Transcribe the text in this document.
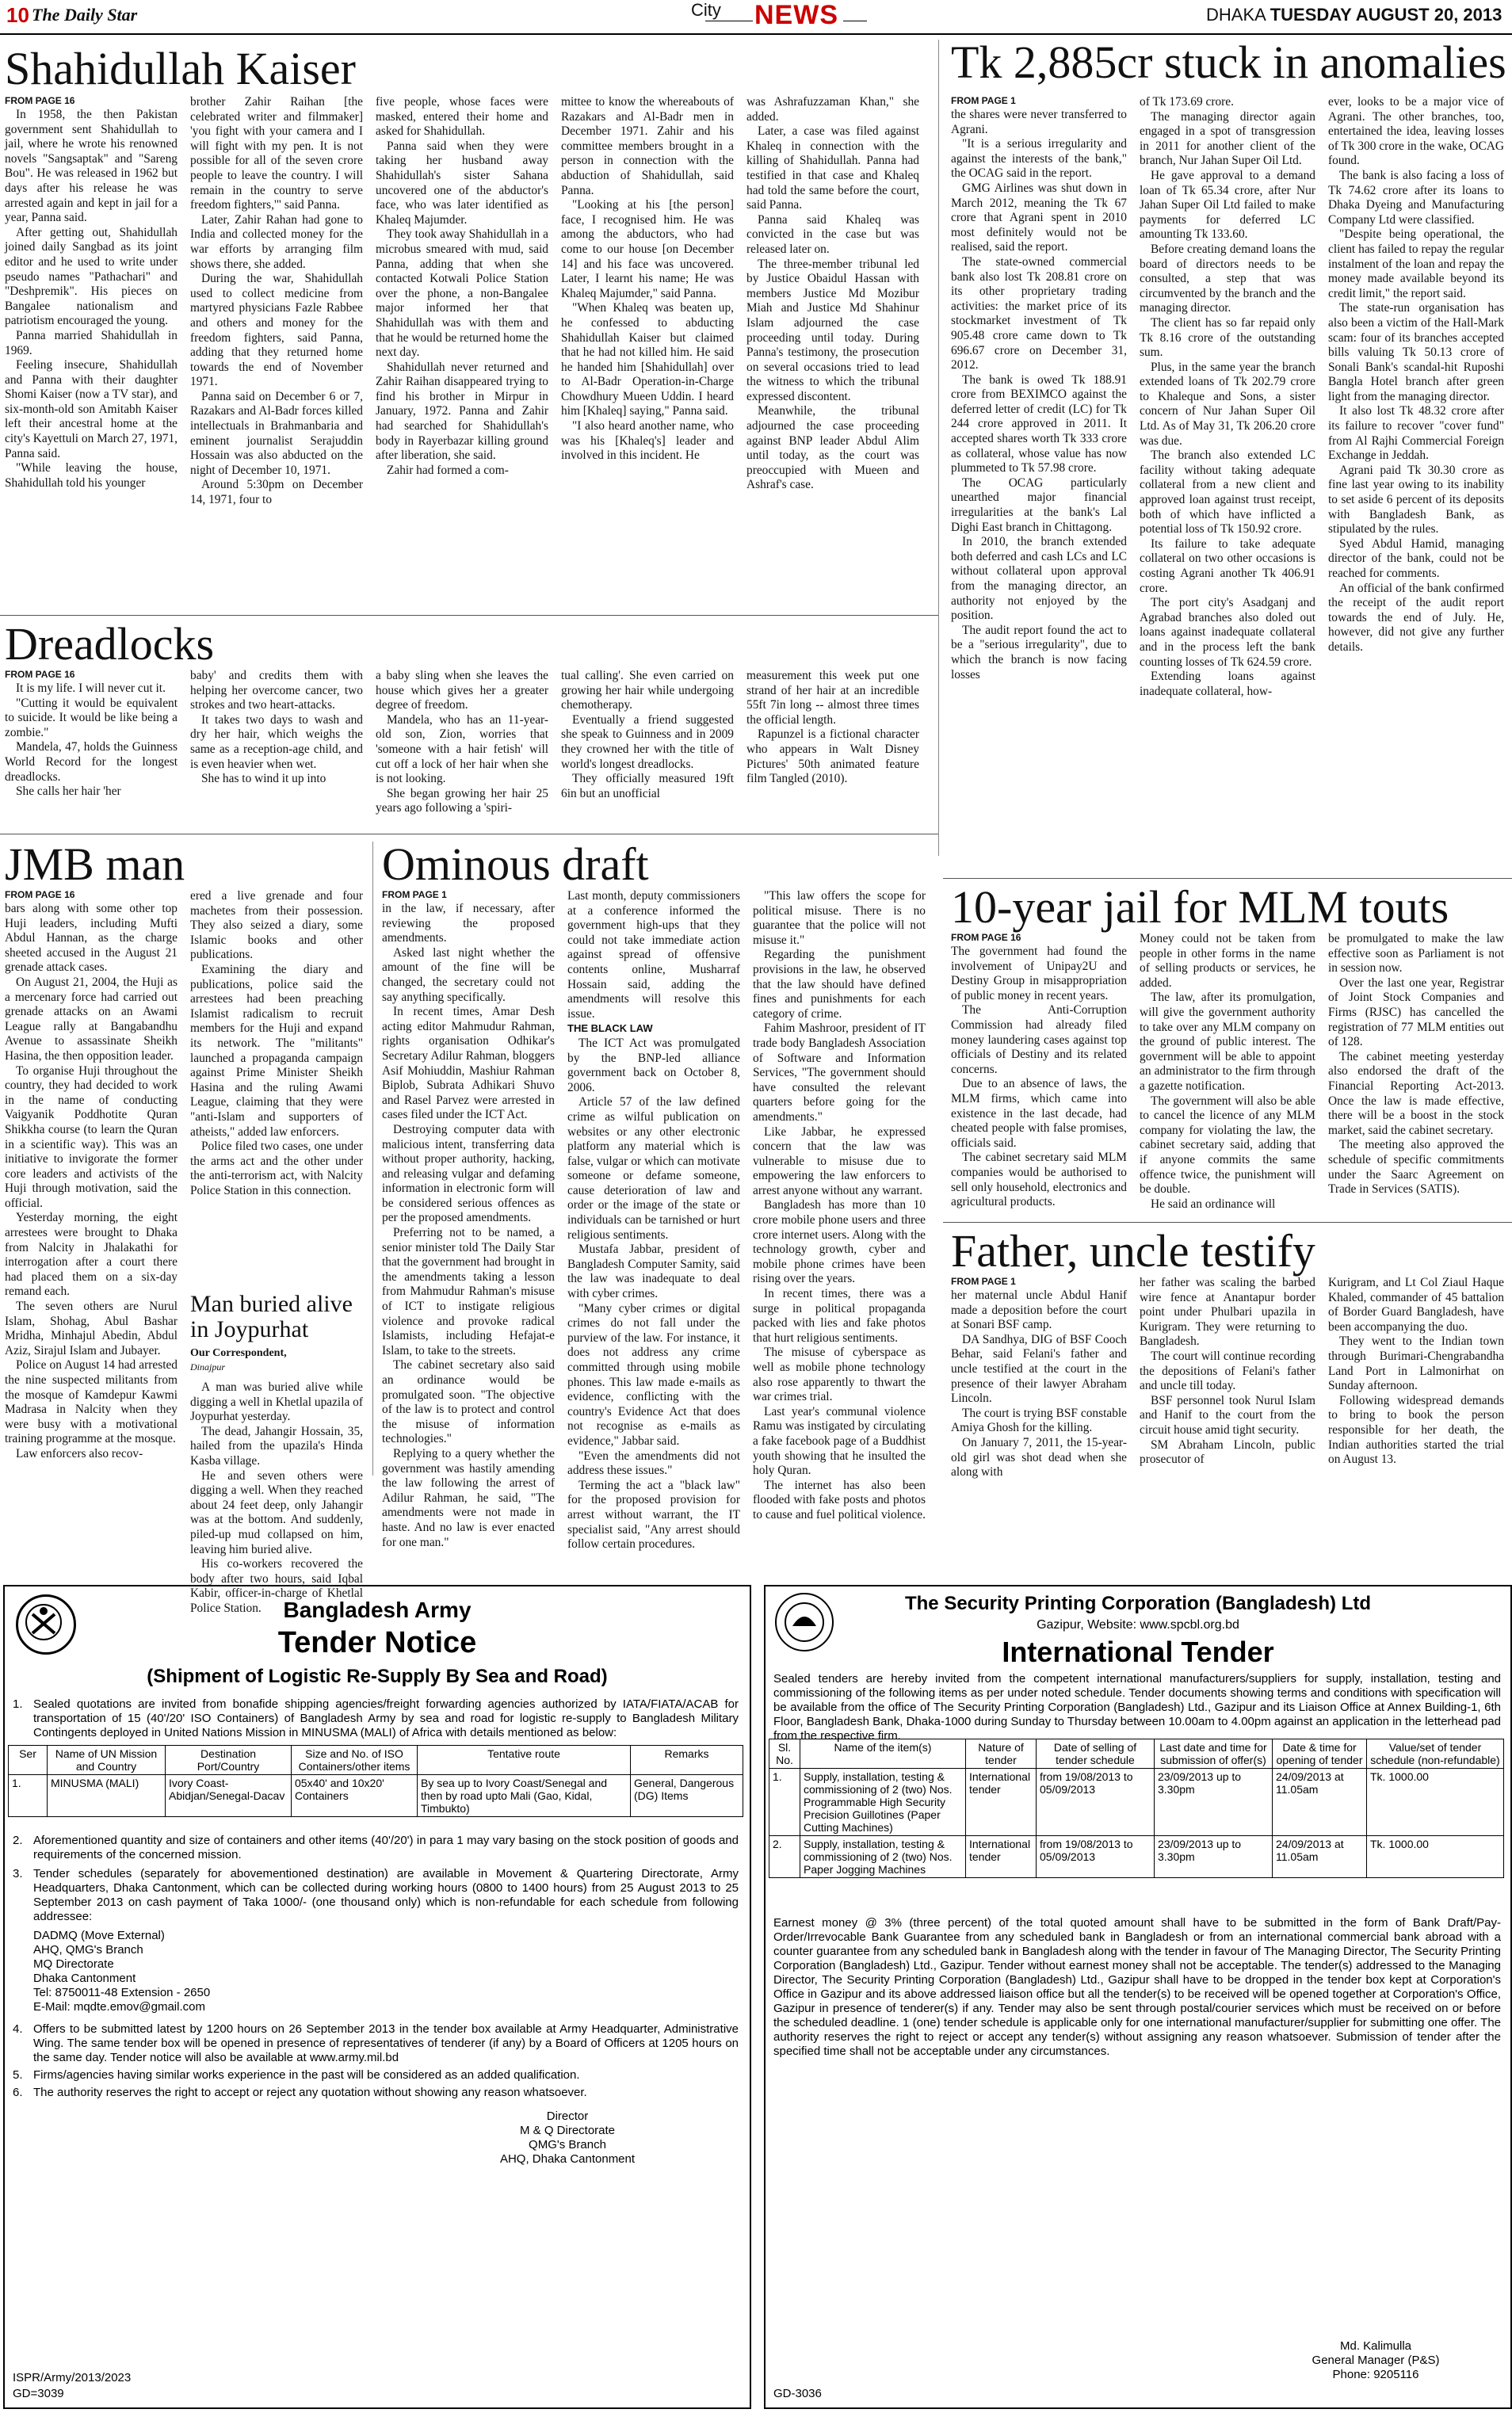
10 The Daily Star	City NEWS	DHAKA TUESDAY AUGUST 20, 2013
Shahidullah Kaiser
FROM PAGE 16

In 1958, the then Pakistan government sent Shahidullah to jail, where he wrote his renowned novels "Sangsaptak" and "Sareng Bou". He was released in 1962 but days after his release he was arrested again and kept in jail for a year, Panna said.

After getting out, Shahidullah joined daily Sangbad as its joint editor and he used to write under pseudo names "Pathachari" and "Deshpremik". His pieces on Bangalee nationalism and patriotism encouraged the young.

Panna married Shahidullah in 1969.

Feeling insecure, Shahidullah and Panna with their daughter Shomi Kaiser (now a TV star), and six-month-old son Amitabh Kaiser left their ancestral home at the city's Kayettuli on March 27, 1971, Panna said.

"While leaving the house, Shahidullah told his younger

brother Zahir Raihan [the celebrated writer and filmmaker] 'you fight with your camera and I will fight with my pen. It is not possible for all of the seven crore people to leave the country. I will remain in the country to serve freedom fighters,'" said Panna.

Later, Zahir Rahan had gone to India and collected money for the war efforts by arranging film shows there, she added.

During the war, Shahidullah used to collect medicine from martyred physicians Fazle Rabbee and others and money for the freedom fighters, said Panna, adding that they returned home towards the end of November 1971.

Panna said on December 6 or 7, Razakars and Al-Badr forces killed intellectuals in Brahmanbaria and eminent journalist Serajuddin Hossain was also abducted on the night of December 10, 1971.

Around 5:30pm on December 14, 1971, four to

five people, whose faces were masked, entered their home and asked for Shahidullah.

Panna said when they were taking her husband away Shahidullah's sister Sahana uncovered one of the abductor's face, who was later identified as Khaleq Majumder.

They took away Shahidullah in a microbus smeared with mud, said Panna, adding that when she contacted Kotwali Police Station over the phone, a non-Bangalee major informed her that Shahidullah was with them and that he would be returned home the next day.

Shahidullah never returned and Zahir Raihan disappeared trying to find his brother in Mirpur in January, 1972. Panna and Zahir had searched for Shahidullah's body in Rayerbazar killing ground after liberation, she said.

Zahir had formed a com-

mittee to know the whereabouts of Razakars and Al-Badr men in December 1971. Zahir and his committee members brought in a person in connection with the abduction of Shahidullah, said Panna.

"Looking at his [the person] face, I recognised him. He was among the abductors, who had come to our house [on December 14] and his face was uncovered. Later, I learnt his name; He was Khaleq Majumder," said Panna.

"When Khaleq was beaten up, he confessed to abducting Shahidullah Kaiser but claimed that he had not killed him. He said he handed him [Shahidullah] over to Al-Badr Operation-in-Charge Chowdhury Mueen Uddin. I heard him [Khaleq] saying," Panna said.

"I also heard another name, who was his [Khaleq's] leader and involved in this incident. He

was Ashrafuzzaman Khan," she added.

Later, a case was filed against Khaleq in connection with the killing of Shahidullah. Panna had testified in that case and Khaleq had told the same before the court, said Panna.

Panna said Khaleq was convicted in the case but was released later on.

The three-member tribunal led by Justice Obaidul Hassan with members Justice Md Mozibur Miah and Justice Md Shahinur Islam adjourned the case proceeding until today. During Panna's testimony, the prosecution on several occasions tried to lead the witness to which the tribunal expressed discontent.

Meanwhile, the tribunal adjourned the case proceeding against BNP leader Abdul Alim until today, as the court was preoccupied with Mueen and Ashraf's case.

Tk 2,885cr stuck in anomalies
FROM PAGE 1

the shares were never transferred to Agrani.

"It is a serious irregularity and against the interests of the bank," the OCAG said in the report.

GMG Airlines was shut down in March 2012, meaning the Tk 67 crore that Agrani spent in 2010 most definitely would not be realised, said the report.

The state-owned commercial bank also lost Tk 208.81 crore on its other proprietary trading activities: the market price of its stockmarket investment of Tk 905.48 crore came down to Tk 696.67 crore on December 31, 2012.

The bank is owed Tk 188.91 crore from BEXIMCO against the deferred letter of credit (LC) for Tk 244 crore approved in 2011. It accepted shares worth Tk 333 crore as collateral, whose value has now plummeted to Tk 57.98 crore.

The OCAG particularly unearthed major financial irregularities at the bank's Lal Dighi East branch in Chittagong.

In 2010, the branch extended both deferred and cash LCs and LC without collateral upon approval from the managing director, an authority not enjoyed by the position.

The audit report found the act to be a "serious irregularity", due to which the branch is now facing losses

of Tk 173.69 crore.

The managing director again engaged in a spot of transgression in 2011 for another client of the branch, Nur Jahan Super Oil Ltd.

He gave approval to a demand loan of Tk 65.34 crore, after Nur Jahan Super Oil Ltd failed to make payments for deferred LC amounting Tk 133.60.

Before creating demand loans the board of directors needs to be consulted, a step that was circumvented by the branch and the managing director.

The client has so far repaid only Tk 8.16 crore of the outstanding sum.

Plus, in the same year the branch extended loans of Tk 202.79 crore to Khaleque and Sons, a sister concern of Nur Jahan Super Oil Ltd. As of May 31, Tk 206.20 crore was due.

The branch also extended LC facility without taking adequate collateral from a new client and approved loan against trust receipt, both of which have inflicted a potential loss of Tk 150.92 crore.

Its failure to take adequate collateral on two other occasions is costing Agrani another Tk 406.91 crore.

The port city's Asadganj and Agrabad branches also doled out loans against inadequate collateral and in the process left the bank counting losses of Tk 624.59 crore.

Extending loans against inadequate collateral, how-

ever, looks to be a major vice of Agrani. The other branches, too, entertained the idea, leaving losses of Tk 300 crore in the wake, OCAG found.

The bank is also facing a loss of Tk 74.62 crore after its loans to Dhaka Dyeing and Manufacturing Company Ltd were classified.

"Despite being operational, the client has failed to repay the regular instalment of the loan and repay the money made available beyond its credit limit," the report said.

The state-run organisation has also been a victim of the Hall-Mark scam: four of its branches accepted bills valuing Tk 50.13 crore of Sonali Bank's scandal-hit Ruposhi Bangla Hotel branch after green light from the managing director.

It also lost Tk 48.32 crore after its failure to recover "cover fund" from Al Rajhi Commercial Foreign Exchange in Jeddah.

Agrani paid Tk 30.30 crore as fine last year owing to its inability to set aside 6 percent of its deposits with Bangladesh Bank, as stipulated by the rules.

Syed Abdul Hamid, managing director of the bank, could not be reached for comments.

An official of the bank confirmed the receipt of the audit report towards the end of July. He, however, did not give any further details.

Dreadlocks
FROM PAGE 16

It is my life. I will never cut it.

"Cutting it would be equivalent to suicide. It would be like being a zombie."

Mandela, 47, holds the Guinness World Record for the longest dreadlocks.

She calls her hair 'her

baby' and credits them with helping her overcome cancer, two strokes and two heart-attacks.

It takes two days to wash and dry her hair, which weighs the same as a reception-age child, and is even heavier when wet.

She has to wind it up into

a baby sling when she leaves the house which gives her a greater degree of freedom.

Mandela, who has an 11-year-old son, Zion, worries that 'someone with a hair fetish' will cut off a lock of her hair when she is not looking.

She began growing her hair 25 years ago following a 'spiri-

tual calling'. She even carried on growing her hair while undergoing chemotherapy.

Eventually a friend suggested she speak to Guinness and in 2009 they crowned her with the title of world's longest dreadlocks.

They officially measured 19ft 6in but an unofficial

measurement this week put one strand of her hair at an incredible 55ft 7in long -- almost three times the official length.

Rapunzel is a fictional character who appears in Walt Disney Pictures' 50th animated feature film Tangled (2010).

JMB man
FROM PAGE 16

bars along with some other top Huji leaders, including Mufti Abdul Hannan, as the charge sheeted accused in the August 21 grenade attack cases.

On August 21, 2004, the Huji as a mercenary force had carried out grenade attacks on an Awami League rally at Bangabandhu Avenue to assassinate Sheikh Hasina, the then opposition leader.

To organise Huji throughout the country, they had decided to work in the name of conducting Vaigyanik Poddhotite Quran Shikkha course (to learn the Quran in a scientific way). This was an initiative to invigorate the former core leaders and activists of the Huji through motivation, said the official.

Yesterday morning, the eight arrestees were brought to Dhaka from Nalcity in Jhalakathi for interrogation after a court there had placed them on a six-day remand each.

The seven others are Nurul Islam, Shohag, Abul Bashar Mridha, Minhajul Abedin, Abdul Aziz, Sirajul Islam and Jubayer.

Police on August 14 had arrested the nine suspected militants from the mosque of Kamdepur Kawmi Madrasa in Nalcity when they were busy with a motivational training programme at the mosque.

Law enforcers also recov-

ered a live grenade and four machetes from their possession. They also seized a diary, some Islamic books and other publications.

Examining the diary and publications, police said the arrestees had been preaching Islamist radicalism to recruit members for the Huji and expand its network. The "militants" launched a propaganda campaign against Prime Minister Sheikh Hasina and the ruling Awami League, claiming that they were "anti-Islam and supporters of atheists," added law enforcers.

Police filed two cases, one under the arms act and the other under the anti-terrorism act, with Nalcity Police Station in this connection.

Man buried alive in Joypurhat
Our Correspondent,
Dinajpur

A man was buried alive while digging a well in Khetlal upazila of Joypurhat yesterday.

The dead, Jahangir Hossain, 35, hailed from the upazila's Hinda Kasba village.

He and seven others were digging a well. When they reached about 24 feet deep, only Jahangir was at the bottom. And suddenly, piled-up mud collapsed on him, leaving him buried alive.

His co-workers recovered the body after two hours, said Iqbal Kabir, officer-in-charge of Khetlal Police Station.

Ominous draft
FROM PAGE 1

in the law, if necessary, after reviewing the proposed amendments.

Asked last night whether the amount of the fine will be changed, the secretary could not say anything specifically.

In recent times, Amar Desh acting editor Mahmudur Rahman, rights organisation Odhikar's Secretary Adilur Rahman, bloggers Asif Mohiuddin, Mashiur Rahman Biplob, Subrata Adhikari Shuvo and Rasel Parvez were arrested in cases filed under the ICT Act.

Destroying computer data with malicious intent, transferring data without proper authority, hacking, and releasing vulgar and defaming information in electronic form will be considered serious offences as per the proposed amendments.

Preferring not to be named, a senior minister told The Daily Star that the government had brought in the amendments taking a lesson from Mahmudur Rahman's misuse of ICT to instigate religious violence and provoke radical Islamists, including Hefajat-e Islam, to take to the streets.

The cabinet secretary also said an ordinance would be promulgated soon. "The objective of the law is to protect and control the misuse of information technologies."

Replying to a query whether the government was hastily amending the law following the arrest of Adilur Rahman, he said, "The amendments were not made in haste. And no law is ever enacted for one man."

Last month, deputy commissioners at a conference informed the government high-ups that they could not take immediate action against spread of offensive contents online, Musharraf Hossain said, adding the amendments will resolve this issue.

THE BLACK LAW

The ICT Act was promulgated by the BNP-led alliance government back on October 8, 2006.

Article 57 of the law defined crime as wilful publication on websites or any other electronic platform any material which is false, vulgar or which can motivate someone or defame someone, cause deterioration of law and order or the image of the state or individuals can be tarnished or hurt religious sentiments.

Mustafa Jabbar, president of Bangladesh Computer Samity, said the law was inadequate to deal with cyber crimes.

"Many cyber crimes or digital crimes do not fall under the purview of the law. For instance, it does not address any crime committed through using mobile phones. This law made e-mails as evidence, conflicting with the country's Evidence Act that does not recognise as e-mails as evidence," Jabbar said.

"Even the amendments did not address these issues."

Terming the act a "black law" for the proposed provision for arrest without warrant, the IT specialist said, "Any arrest should follow certain procedures.

"This law offers the scope for political misuse. There is no guarantee that the police will not misuse it."

Regarding the punishment provisions in the law, he observed that the law should have defined fines and punishments for each category of crime.

Fahim Mashroor, president of IT trade body Bangladesh Association of Software and Information Services, "The government should have consulted the relevant quarters before going for the amendments."

Like Jabbar, he expressed concern that the law was vulnerable to misuse due to empowering the law enforcers to arrest anyone without any warrant.

Bangladesh has more than 10 crore mobile phone users and three crore internet users. Along with the technology growth, cyber and mobile phone crimes have been rising over the years.

In recent times, there was a surge in political propaganda packed with lies and fake photos that hurt religious sentiments.

The misuse of cyberspace as well as mobile phone technology also rose apparently to thwart the war crimes trial.

Last year's communal violence Ramu was instigated by circulating a fake facebook page of a Buddhist youth showing that he insulted the holy Quran.

The internet has also been flooded with fake posts and photos to cause and fuel political violence.

10-year jail for MLM touts
FROM PAGE 16

The government had found the involvement of Unipay2U and Destiny Group in misappropriation of public money in recent years.

The Anti-Corruption Commission had already filed money laundering cases against top officials of Destiny and its related concerns.

Due to an absence of laws, the MLM firms, which came into existence in the last decade, had cheated people with false promises, officials said.

The cabinet secretary said MLM companies would be authorised to sell only household, electronics and agricultural products.

Money could not be taken from people in other forms in the name of selling products or services, he added.

The law, after its promulgation, will give the government authority to take over any MLM company on the ground of public interest. The government will be able to appoint an administrator to the firm through a gazette notification.

The government will also be able to cancel the licence of any MLM company for violating the law, the cabinet secretary said, adding that if anyone commits the same offence twice, the punishment will be double.

He said an ordinance will

be promulgated to make the law effective soon as Parliament is not in session now.

Over the last one year, Registrar of Joint Stock Companies and Firms (RJSC) has cancelled the registration of 77 MLM entities out of 128.

The cabinet meeting yesterday also endorsed the draft of the Financial Reporting Act-2013. Once the law is made effective, there will be a boost in the stock market, said the cabinet secretary.

The meeting also approved the schedule of specific commitments under the Saarc Agreement on Trade in Services (SATIS).

Father, uncle testify
FROM PAGE 1

her maternal uncle Abdul Hanif made a deposition before the court at Sonari BSF camp.

DA Sandhya, DIG of BSF Cooch Behar, said Felani's father and uncle testified at the court in the presence of their lawyer Abraham Lincoln.

The court is trying BSF constable Amiya Ghosh for the killing.

On January 7, 2011, the 15-year-old girl was shot dead when she along with

her father was scaling the barbed wire fence at Anantapur border point under Phulbari upazila in Kurigram. They were returning to Bangladesh.

The court will continue recording the depositions of Felani's father and uncle till today.

BSF personnel took Nurul Islam and Hanif to the court from the circuit house amid tight security.

SM Abraham Lincoln, public prosecutor of

Kurigram, and Lt Col Ziaul Haque Khaled, commander of 45 battalion of Border Guard Bangladesh, have been accompanying the duo.

They went to the Indian town through Burimari-Chengrabandha Land Port in Lalmonirhat on Sunday afternoon.

Following widespread demands to bring to book the person responsible for her death, the Indian authorities started the trial on August 13.

Bangladesh Army
Tender Notice
(Shipment of Logistic Re-Supply By Sea and Road)
1. Sealed quotations are invited from bonafide shipping agencies/freight forwarding agencies authorized by IATA/FIATA/ACAB for transportation of 15 (40'/20' ISO Containers) of Bangladesh Army by sea and road for logistic re-supply to Bangladesh Military Contingents deployed in United Nations Mission in MINUSMA (MALI) of Africa with details mentioned as below:
Ser	Name of UN Mission and Country	Destination Port/Country	Size and No. of ISO Containers/other items	Tentative route	Remarks
1.	MINUSMA (MALI)	Ivory Coast-Abidjan/Senegal-Dacav	05x40' and 10x20' Containers	By sea up to Ivory Coast/Senegal and then by road upto Mali (Gao, Kidal, Timbukto)	General, Dangerous (DG) Items
2. Aforementioned quantity and size of containers and other items (40'/20') in para 1 may vary basing on the stock position of goods and requirements of the concerned mission.
3. Tender schedules (separately for abovementioned destination) are available in Movement & Quartering Directorate, Army Headquarters, Dhaka Cantonment, which can be collected during working hours (0800 to 1400 hours) from 25 August 2013 to 25 September 2013 on cash payment of Taka 1000/- (one thousand only) which is non-refundable for each schedule from following addressee:
DADMQ (Move External)
AHQ, QMG's Branch
MQ Directorate
Dhaka Cantonment
Tel: 8750011-48 Extension - 2650
E-Mail: mqdte.emov@gmail.com
4. Offers to be submitted latest by 1200 hours on 26 September 2013 in the tender box available at Army Headquarter, Administrative Wing. The same tender box will be opened in presence of representatives of tenderer (if any) by a Board of Officers at 1205 hours on the same day. Tender notice will also be available at www.army.mil.bd
5. Firms/agencies having similar works experience in the past will be considered as an added qualification.
6. The authority reserves the right to accept or reject any quotation without showing any reason whatsoever.
Director
M & Q Directorate
QMG's Branch
AHQ, Dhaka Cantonment
ISPR/Army/2013/2023
GD=3039
The Security Printing Corporation (Bangladesh) Ltd
Gazipur, Website: www.spcbl.org.bd
International Tender
Sealed tenders are hereby invited from the competent international manufacturers/suppliers for supply, installation, testing and commissioning of the following items as per under noted schedule. Tender documents showing terms and conditions with specification will be available from the office of The Security Printing Corporation (Bangladesh) Ltd., Gazipur and its Liaison Office at Annex Building-1, 6th Floor, Bangladesh Bank, Dhaka-1000 during Sunday to Thursday between 10.00am to 4.00pm against an application in the letterhead pad from the respective firm.
Sl. No.	Name of the item(s)	Nature of tender	Date of selling of tender schedule	Last date and time for submission of offer(s)	Date & time for opening of tender	Value/set of tender schedule (non-refundable)
1.	Supply, installation, testing & commissioning of 2 (two) Nos. Programmable High Security Precision Guillotines (Paper Cutting Machines)	International tender	from 19/08/2013 to 05/09/2013	23/09/2013 up to 3.30pm	24/09/2013 at 11.05am	Tk. 1000.00
2.	Supply, installation, testing & commissioning of 2 (two) Nos. Paper Jogging Machines	International tender	from 19/08/2013 to 05/09/2013	23/09/2013 up to 3.30pm	24/09/2013 at 11.05am	Tk. 1000.00
Earnest money @ 3% (three percent) of the total quoted amount shall have to be submitted in the form of Bank Draft/Pay-Order/Irrevocable Bank Guarantee from any scheduled bank in Bangladesh or from an international commercial bank abroad with a counter guarantee from any scheduled bank in Bangladesh along with the tender in favour of The Managing Director, The Security Printing Corporation (Bangladesh) Ltd., Gazipur. Tender without earnest money shall not be acceptable. The tender(s) addressed to the Managing Director, The Security Printing Corporation (Bangladesh) Ltd., Gazipur shall have to be dropped in the tender box kept at Corporation's Office in Gazipur and its above addressed liaison office but all the tender(s) to be received will be opened together at Corporation's Office, Gazipur in presence of tenderer(s) if any. Tender may also be sent through postal/courier services which must be received on or before the scheduled deadline. 1 (one) tender schedule is applicable only for one international manufacturer/supplier for submitting one offer. The authority reserves the right to reject or accept any tender(s) without assigning any reason whatsoever. Submission of tender after the specified time shall not be acceptable under any circumstances.
Md. Kalimulla
General Manager (P&S)
Phone: 9205116
GD-3036
